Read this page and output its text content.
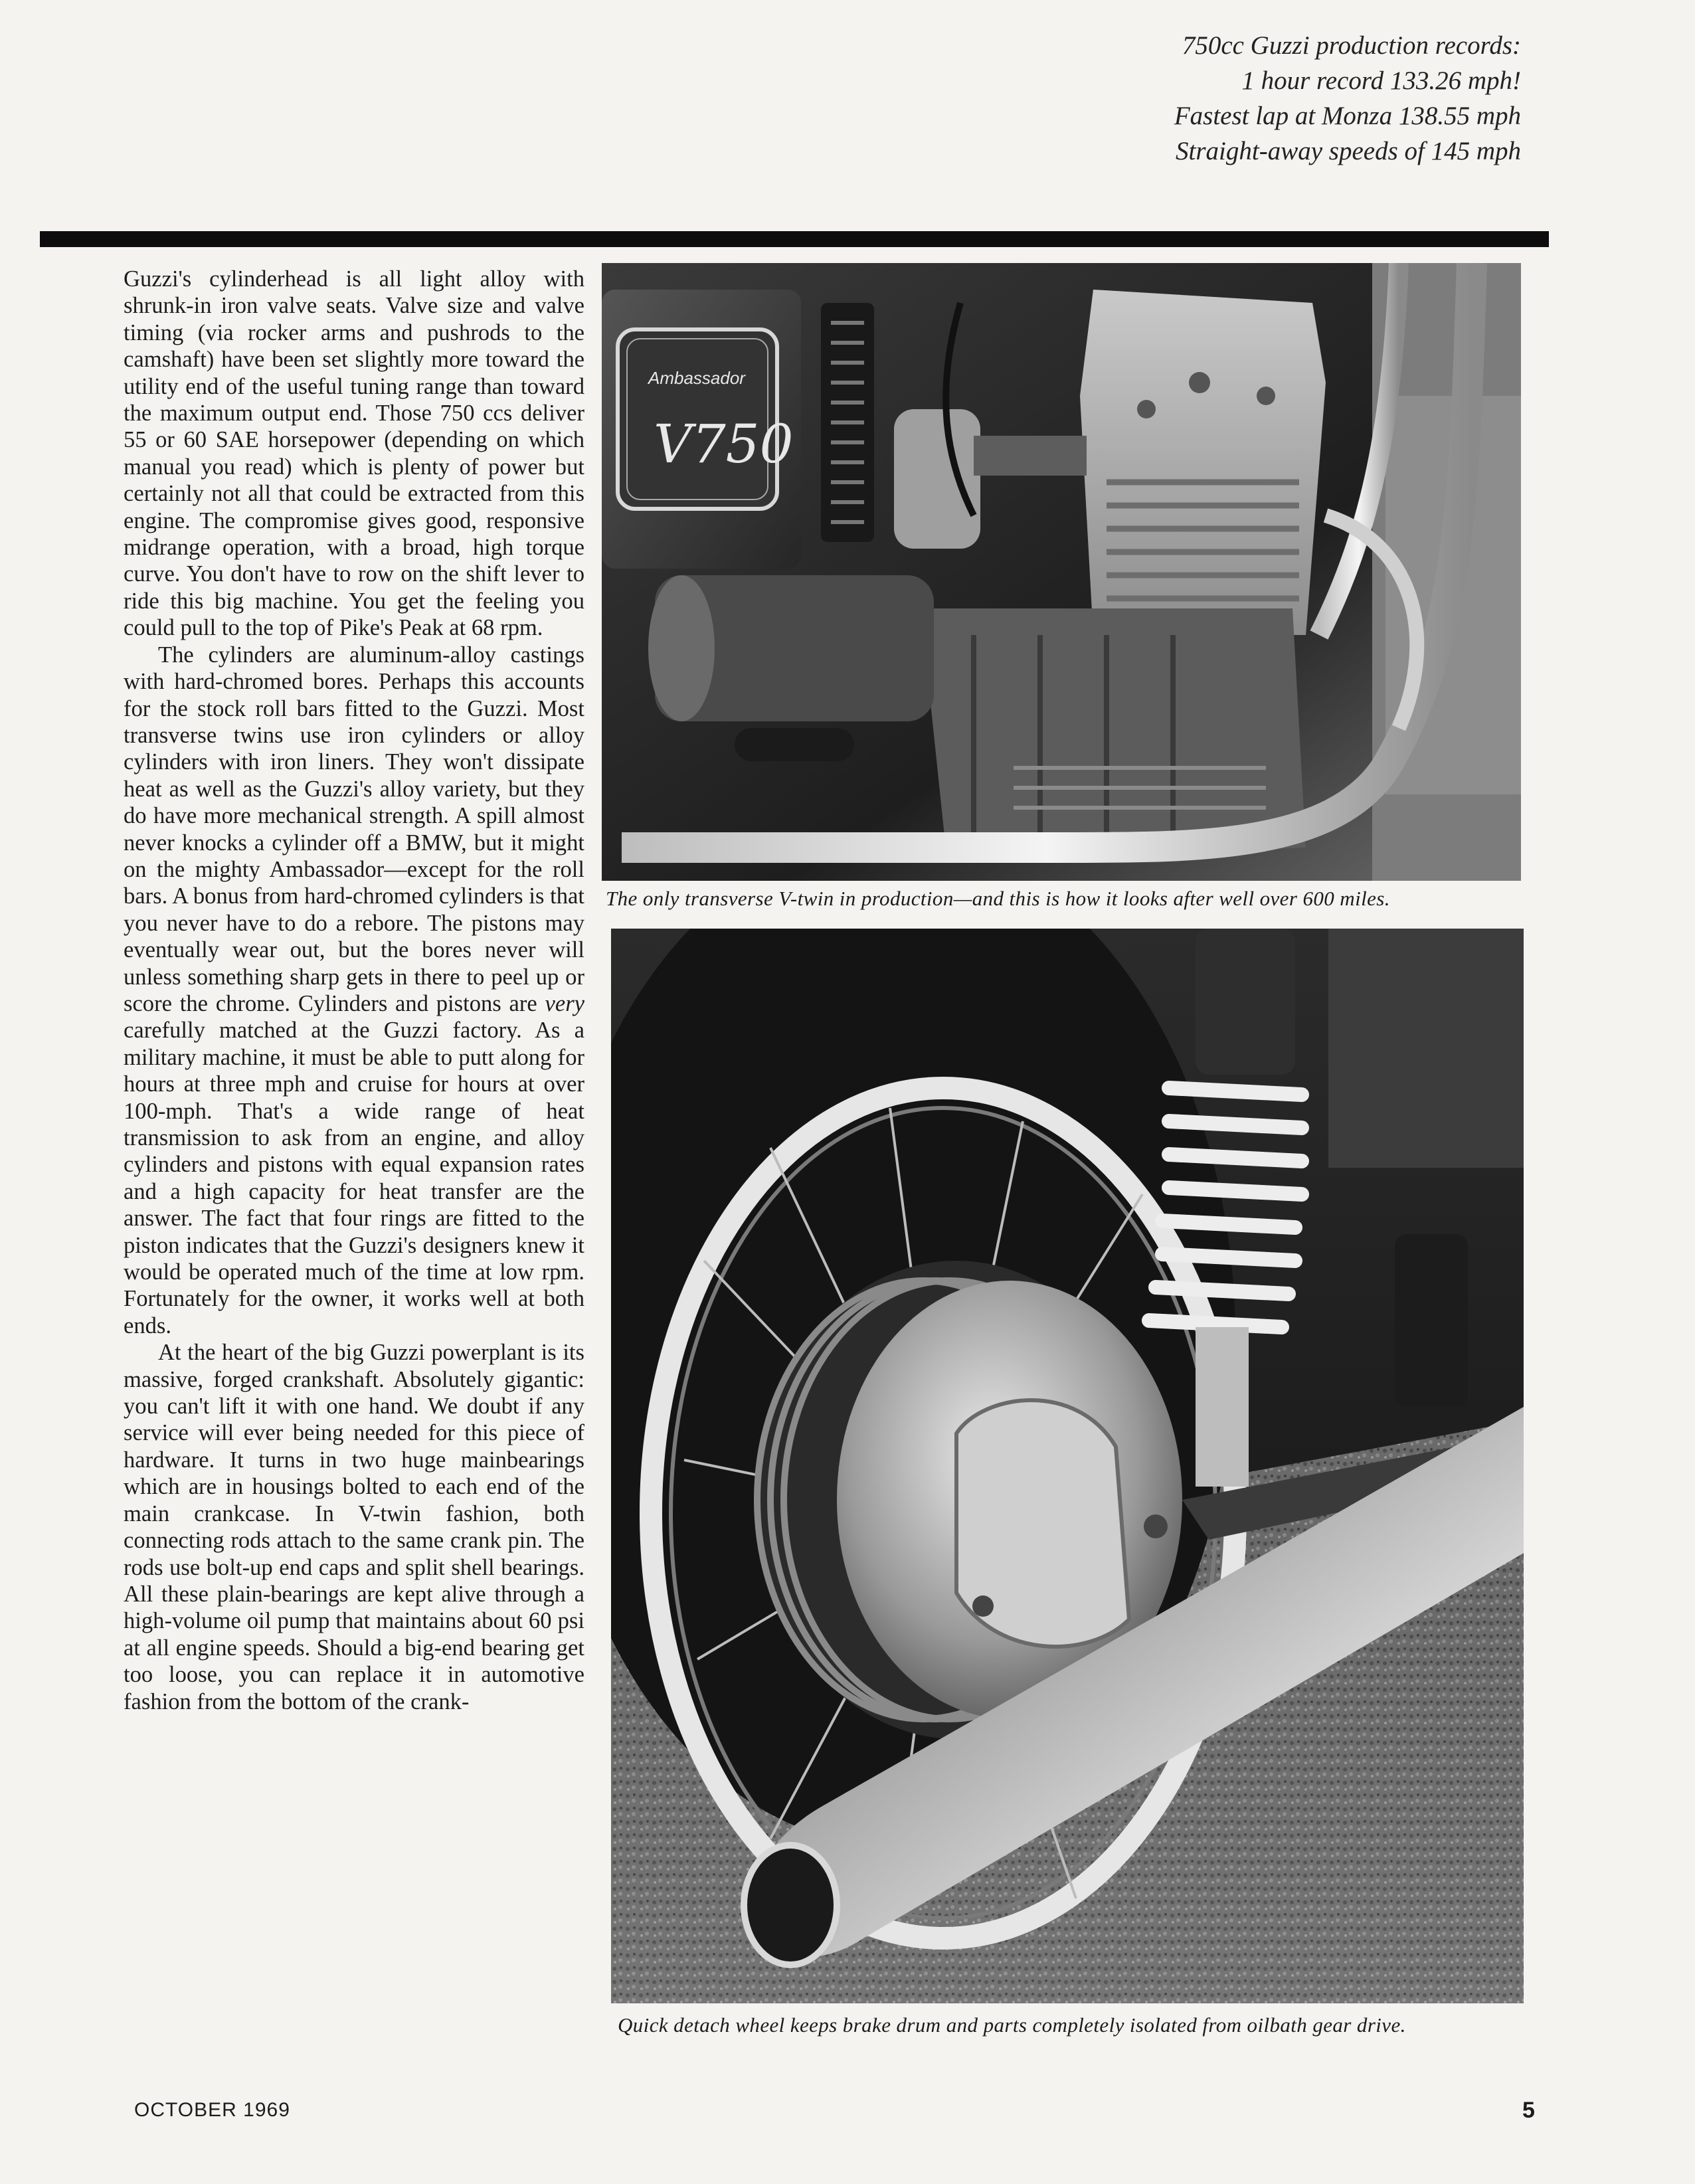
750cc Guzzi production records:
1 hour record 133.26 mph!
Fastest lap at Monza 138.55 mph
Straight-away speeds of 145 mph

Guzzi's cylinderhead is all light alloy with shrunk-in iron valve seats. Valve size and valve timing (via rocker arms and pushrods to the camshaft) have been set slightly more toward the utility end of the useful tuning range than toward the maximum output end. Those 750 ccs deliver 55 or 60 SAE horsepower (depending on which manual you read) which is plenty of power but certainly not all that could be extracted from this engine. The compromise gives good, responsive midrange operation, with a broad, high torque curve. You don't have to row on the shift lever to ride this big machine. You get the feeling you could pull to the top of Pike's Peak at 68 rpm.

The cylinders are aluminum-alloy castings with hard-chromed bores. Perhaps this accounts for the stock roll bars fitted to the Guzzi. Most transverse twins use iron cylinders or alloy cylinders with iron liners. They won't dissipate heat as well as the Guzzi's alloy variety, but they do have more mechanical strength. A spill almost never knocks a cylinder off a BMW, but it might on the mighty Ambassador—except for the roll bars. A bonus from hard-chromed cylinders is that you never have to do a rebore. The pistons may eventually wear out, but the bores never will unless something sharp gets in there to peel up or score the chrome. Cylinders and pistons are very carefully matched at the Guzzi factory. As a military machine, it must be able to putt along for hours at three mph and cruise for hours at over 100-mph. That's a wide range of heat transmission to ask from an engine, and alloy cylinders and pistons with equal expansion rates and a high capacity for heat transfer are the answer. The fact that four rings are fitted to the piston indicates that the Guzzi's designers knew it would be operated much of the time at low rpm. Fortunately for the owner, it works well at both ends.

At the heart of the big Guzzi powerplant is its massive, forged crankshaft. Absolutely gigantic: you can't lift it with one hand. We doubt if any service will ever being needed for this piece of hardware. It turns in two huge mainbearings which are in housings bolted to each end of the main crankcase. In V-twin fashion, both connecting rods attach to the same crank pin. The rods use bolt-up end caps and split shell bearings. All these plain-bearings are kept alive through a high-volume oil pump that maintains about 60 psi at all engine speeds. Should a big-end bearing get too loose, you can replace it in automotive fashion from the bottom of the crank-

Ambassador
V750
The only transverse V-twin in production—and this is how it looks after well over 600 miles.
Quick detach wheel keeps brake drum and parts completely isolated from oilbath gear drive.
OCTOBER 1969	5
